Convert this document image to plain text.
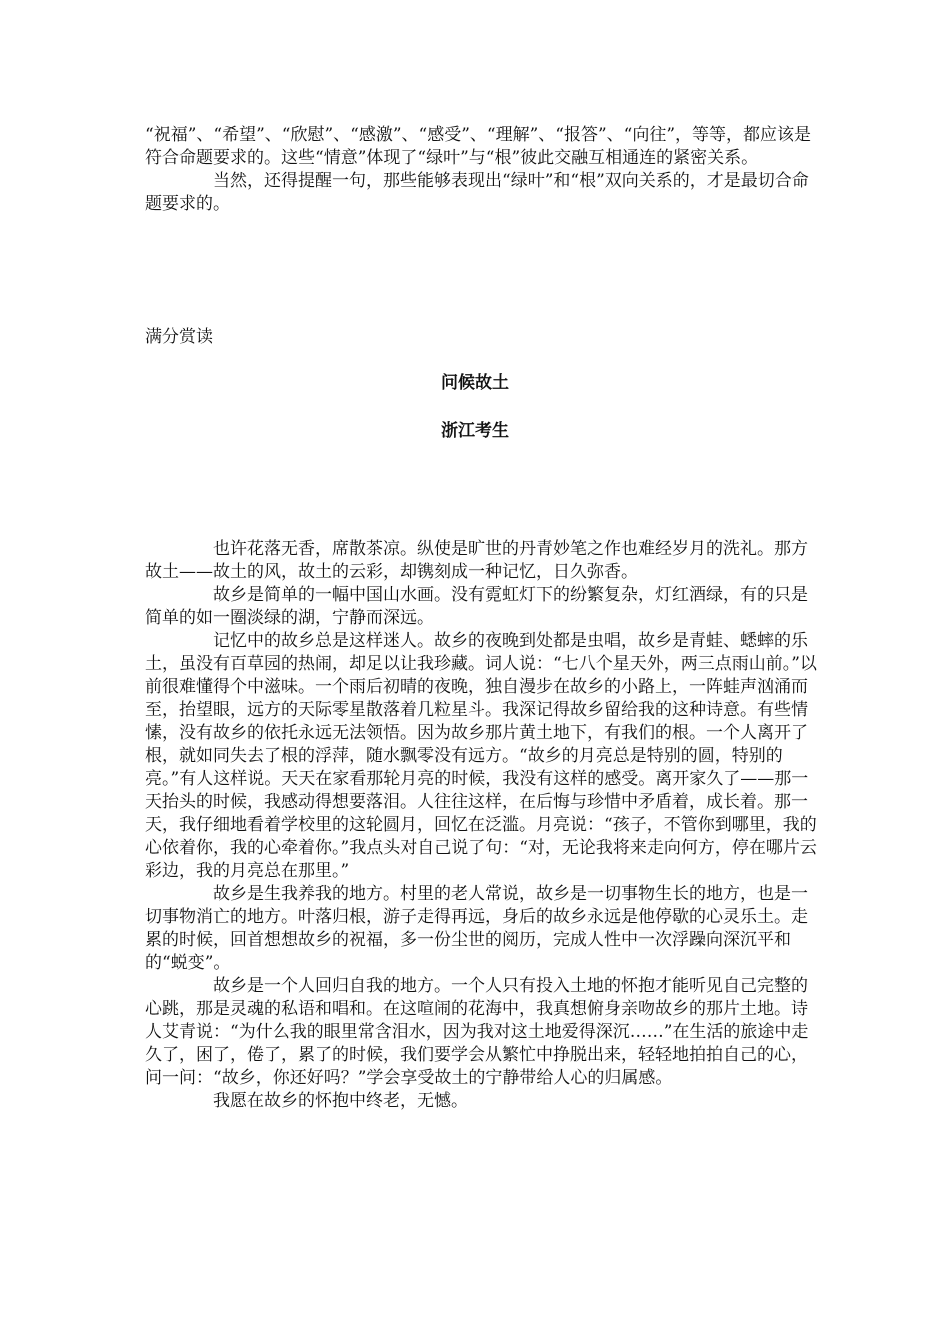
“祝福”、“希望”、“欣慰”、“感激”、“感受”、“理解”、“报答”、“向往”，等等，都应该是符合命题要求的。这些“情意”体现了“绿叶”与“根”彼此交融互相通连的紧密关系。

当然，还得提醒一句，那些能够表现出“绿叶”和“根”双向关系的，才是最切合命题要求的。

满分赏读
问候故土
浙江考生

也许花落无香，席散茶凉。纵使是旷世的丹青妙笔之作也难经岁月的洗礼。那方故土——故土的风，故土的云彩，却镌刻成一种记忆，日久弥香。

故乡是简单的一幅中国山水画。没有霓虹灯下的纷繁复杂，灯红酒绿，有的只是简单的如一圈淡绿的湖，宁静而深远。

记忆中的故乡总是这样迷人。故乡的夜晚到处都是虫唱，故乡是青蛙、蟋蟀的乐土，虽没有百草园的热闹，却足以让我珍藏。词人说：“七八个星天外，两三点雨山前。”以前很难懂得个中滋味。一个雨后初晴的夜晚，独自漫步在故乡的小路上，一阵蛙声汹涌而至，抬望眼，远方的天际零星散落着几粒星斗。我深记得故乡留给我的这种诗意。有些情愫，没有故乡的依托永远无法领悟。因为故乡那片黄土地下，有我们的根。一个人离开了根，就如同失去了根的浮萍，随水飘零没有远方。“故乡的月亮总是特别的圆，特别的亮。”有人这样说。天天在家看那轮月亮的时候，我没有这样的感受。离开家久了——那一天抬头的时候，我感动得想要落泪。人往往这样，在后悔与珍惜中矛盾着，成长着。那一天，我仔细地看着学校里的这轮圆月，回忆在泛滥。月亮说：“孩子，不管你到哪里，我的心依着你，我的心牵着你。”我点头对自己说了句：“对，无论我将来走向何方，停在哪片云彩边，我的月亮总在那里。”

故乡是生我养我的地方。村里的老人常说，故乡是一切事物生长的地方，也是一切事物消亡的地方。叶落归根，游子走得再远，身后的故乡永远是他停歇的心灵乐土。走累的时候，回首想想故乡的祝福，多一份尘世的阅历，完成人性中一次浮躁向深沉平和的“蜕变”。

故乡是一个人回归自我的地方。一个人只有投入土地的怀抱才能听见自己完整的心跳，那是灵魂的私语和唱和。在这喧闹的花海中，我真想俯身亲吻故乡的那片土地。诗人艾青说：“为什么我的眼里常含泪水，因为我对这土地爱得深沉……”在生活的旅途中走久了，困了，倦了，累了的时候，我们要学会从繁忙中挣脱出来，轻轻地拍拍自己的心，问一问：“故乡，你还好吗？”学会享受故土的宁静带给人心的归属感。

我愿在故乡的怀抱中终老，无憾。
